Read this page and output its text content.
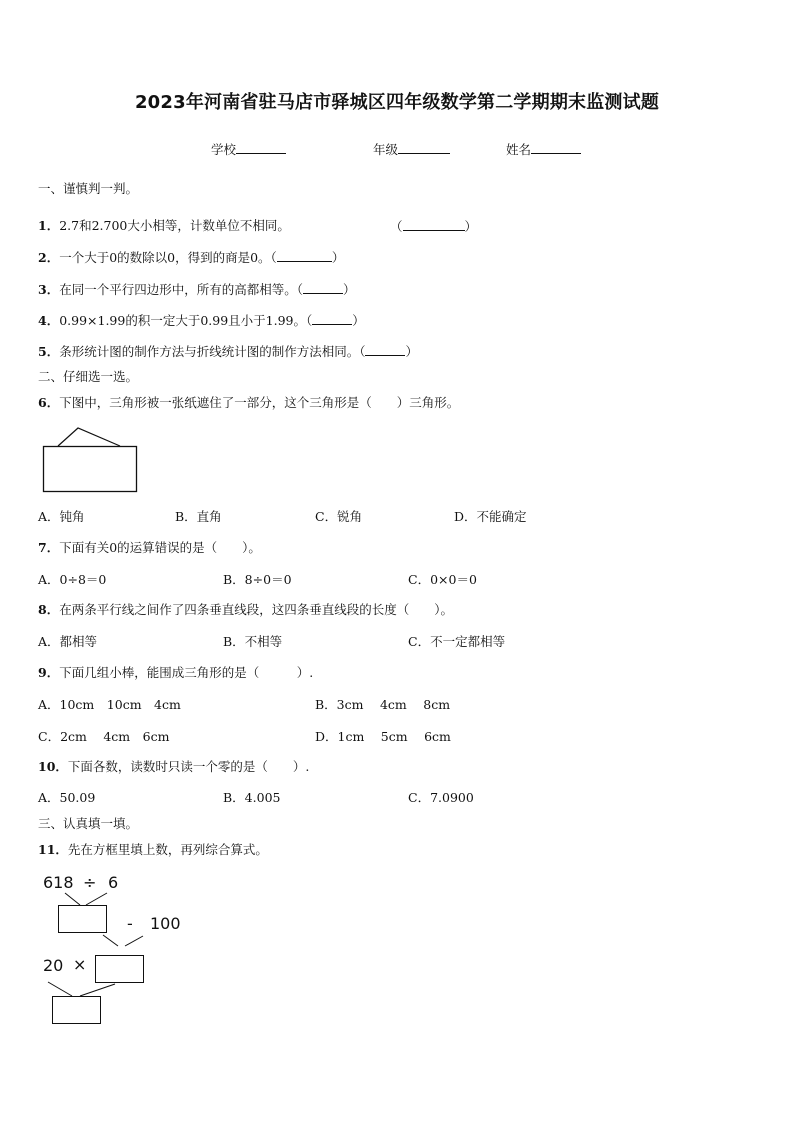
2023年河南省驻马店市驿城区四年级数学第二学期期末监测试题
学校	年级	姓名
一、谨慎判一判。
1．2.7和2.700大小相等，计数单位不相同。	（	）
2．一个大于0的数除以0，得到的商是0。（	）
3．在同一个平行四边形中，所有的高都相等。（	）
4．0.99×1.99的积一定大于0.99且小于1.99。（	）
5．条形统计图的制作方法与折线统计图的制作方法相同。（	）
二、仔细选一选。
6．下图中，三角形被一张纸遮住了一部分，这个三角形是（　　）三角形。
A．钝角	B．直角	C．锐角	D．不能确定
7．下面有关0的运算错误的是（　　）。
A．0÷8＝0	B．8÷0＝0	C．0×0＝0
8．在两条平行线之间作了四条垂直线段，这四条垂直线段的长度（　　）。
A．都相等	B．不相等	C．不一定都相等
9．下面几组小棒，能围成三角形的是（　　　）.
A．10cm　10cm　4cm	B．3cm　 4cm　 8cm
C．2cm　 4cm　6cm	D．1cm　 5cm　 6cm
10．下面各数，读数时只读一个零的是（　　）.
A．50.09	B．4.005	C．7.0900
三、认真填一填。
11．先在方框里填上数，再列综合算式。
618 ÷ 6
- 100
20 ×
